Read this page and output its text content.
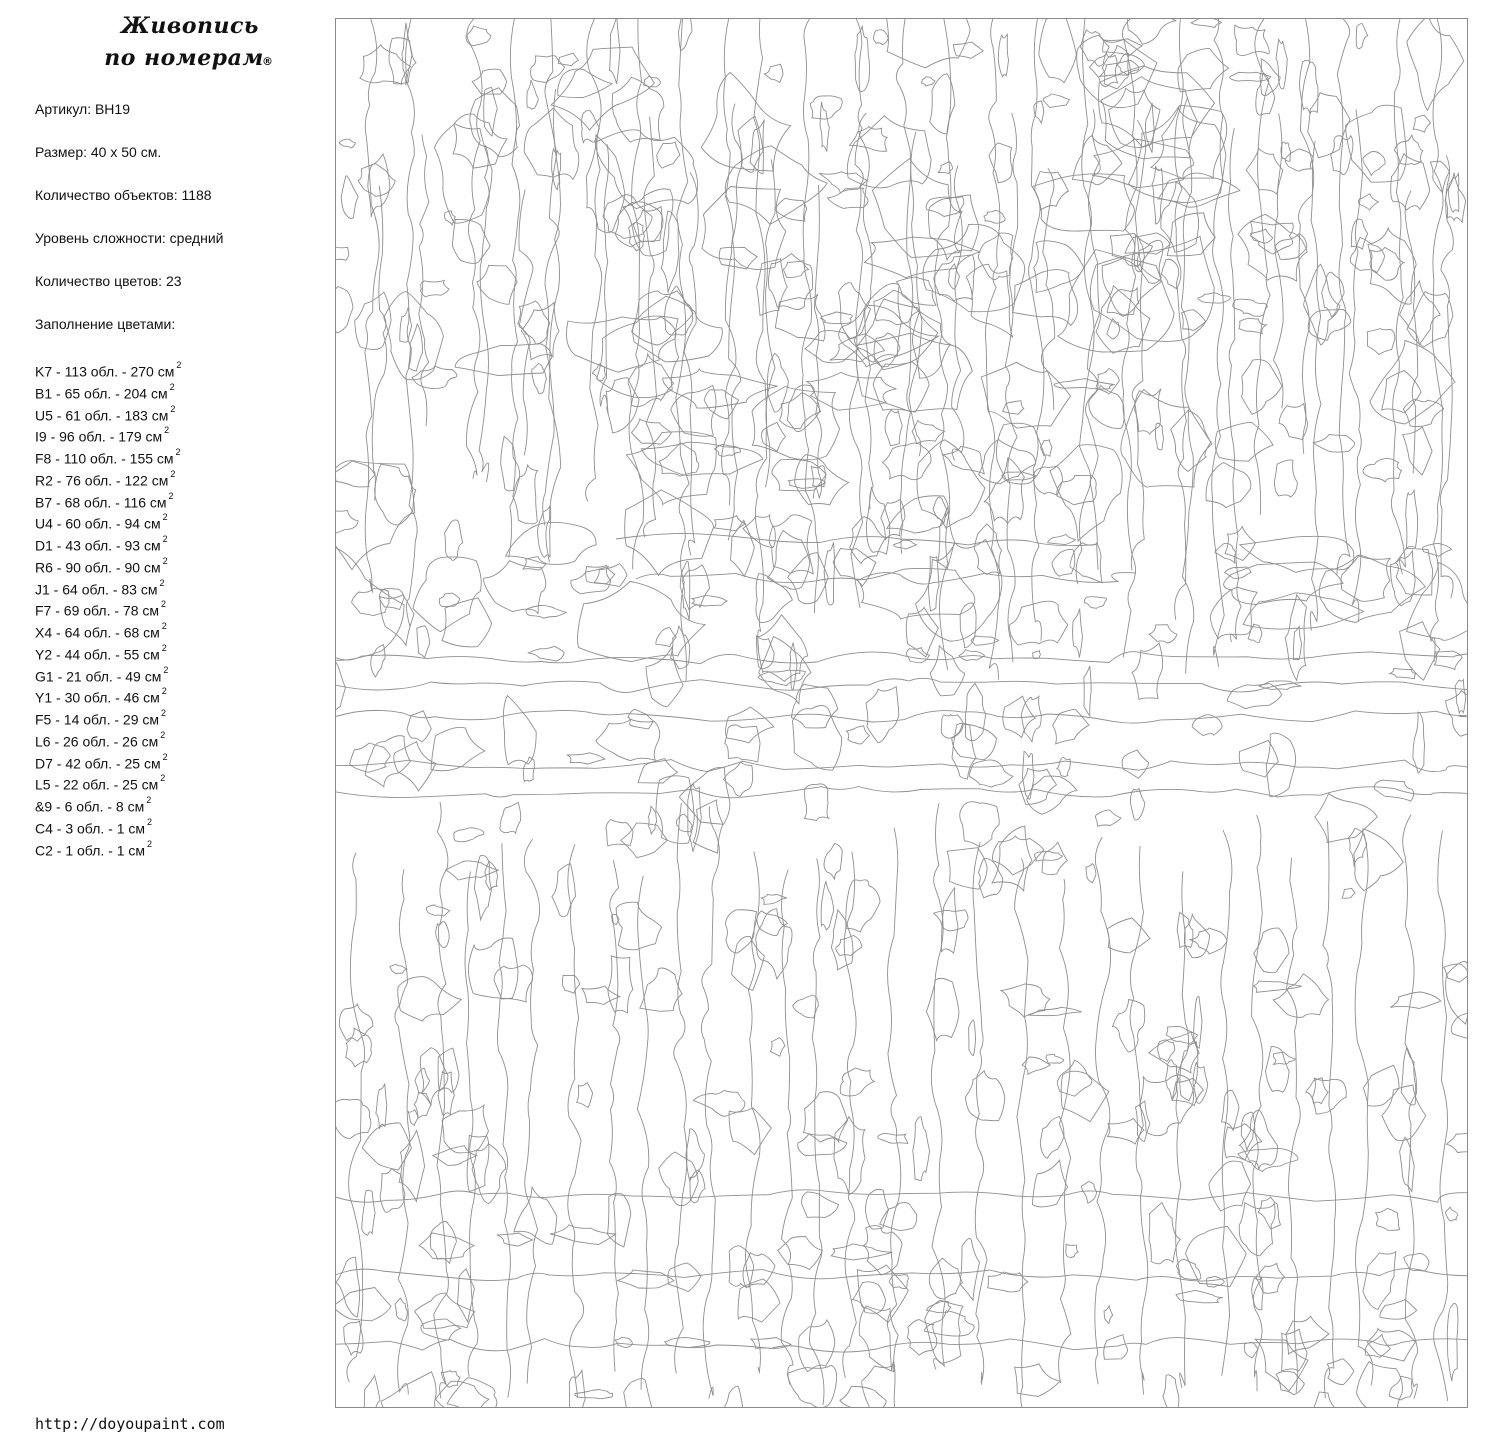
Живопись
по номерам
®
Артикул: BH19
Размер: 40 x 50 см.
Количество объектов: 1188
Уровень сложности: средний
Количество цветов: 23
Заполнение цветами:
K7 - 113 обл. - 270 см $^2$
B1 - 65 обл. - 204 см $^2$
U5 - 61 обл. - 183 см $^2$
I9 - 96 обл. - 179 см $^2$
F8 - 110 обл. - 155 см $^2$
R2 - 76 обл. - 122 см $^2$
B7 - 68 обл. - 116 см $^2$
U4 - 60 обл. - 94 см $^2$
D1 - 43 обл. - 93 см $^2$
R6 - 90 обл. - 90 см $^2$
J1 - 64 обл. - 83 см $^2$
F7 - 69 обл. - 78 см $^2$
X4 - 64 обл. - 68 см $^2$
Y2 - 44 обл. - 55 см $^2$
G1 - 21 обл. - 49 см $^2$
Y1 - 30 обл. - 46 см $^2$
F5 - 14 обл. - 29 см $^2$
L6 - 26 обл. - 26 см $^2$
D7 - 42 обл. - 25 см $^2$
L5 - 22 обл. - 25 см $^2$
&9 - 6 обл. - 8 см $^2$
C4 - 3 обл. - 1 см $^2$
C2 - 1 обл. - 1 см $^2$
http://doyoupaint.com
